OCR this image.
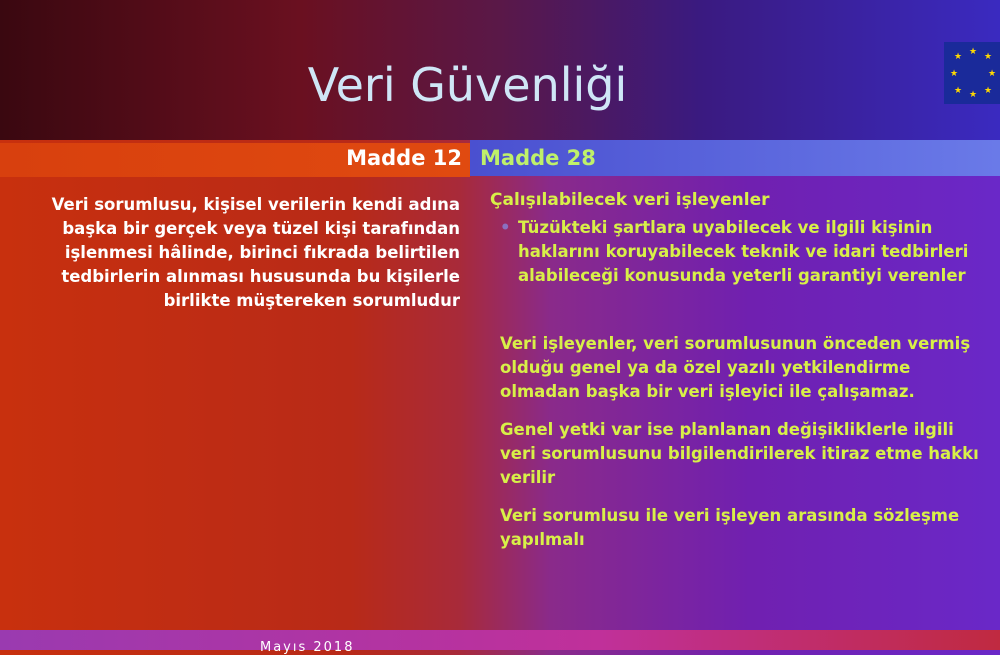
★ ★ ★
★	★
★ ★ ★
Veri Güvenliği
Madde 12 Madde 28
Veri sorumlusu, kişisel verilerin kendi adına başka bir gerçek veya tüzel kişi tarafından işlenmesi hâlinde, birinci fıkrada belirtilen tedbirlerin alınması hususunda bu kişilerle birlikte müştereken sorumludur
Çalışılabilecek veri işleyenler
• Tüzükteki şartlara uyabilecek ve ilgili kişinin haklarını koruyabilecek teknik ve idari tedbirleri alabileceği konusunda yeterli garantiyi verenler
Veri işleyenler, veri sorumlusunun önceden vermiş olduğu genel ya da özel yazılı yetkilendirme olmadan başka bir veri işleyici ile çalışamaz.
Genel yetki var ise planlanan değişikliklerle ilgili veri sorumlusunu bilgilendirilerek itiraz etme hakkı verilir
Veri sorumlusu ile veri işleyen arasında sözleşme yapılmalı
Mayıs 2018
